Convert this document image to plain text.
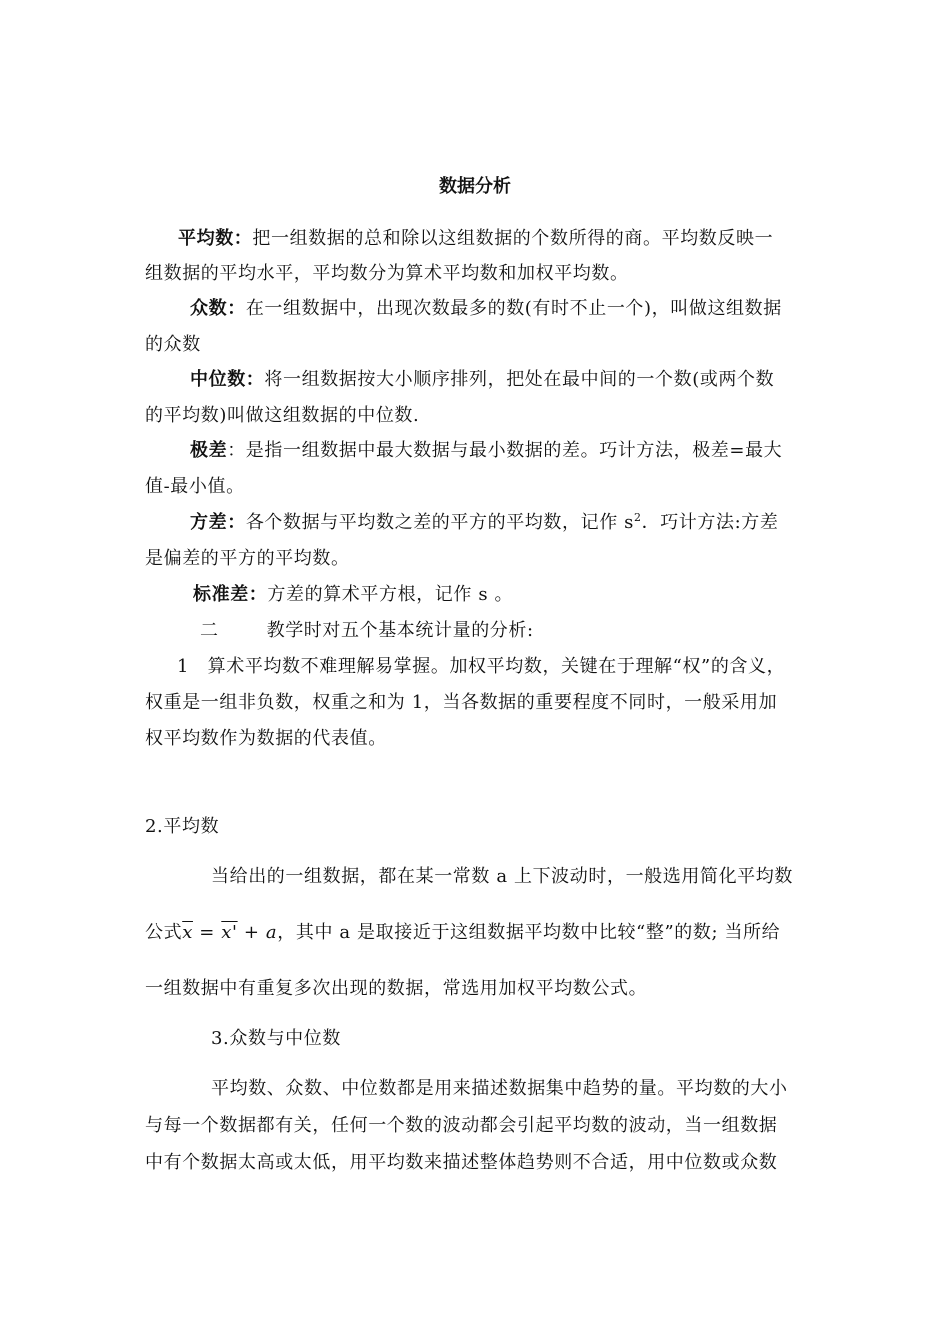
数据分析
平均数：把一组数据的总和除以这组数据的个数所得的商。平均数反映一
组数据的平均水平，平均数分为算术平均数和加权平均数。
众数：在一组数据中，出现次数最多的数(有时不止一个)，叫做这组数据
的众数
中位数：将一组数据按大小顺序排列，把处在最中间的一个数(或两个数
的平均数)叫做这组数据的中位数.
极差：是指一组数据中最大数据与最小数据的差。巧计方法，极差=最大
值-最小值。
方差：各个数据与平均数之差的平方的平均数，记作 $s^2$．巧计方法:方差
是偏差的平方的平均数。
标准差：方差的算术平方根，记作 s 。
二	教学时对五个基本统计量的分析:
1　算术平均数不难理解易掌握。加权平均数，关键在于理解“权”的含义，
权重是一组非负数，权重之和为 1，当各数据的重要程度不同时，一般采用加
权平均数作为数据的代表值。
2.平均数
当给出的一组数据，都在某一常数 a 上下波动时，一般选用简化平均数
公式$\overline{x} = x' + a$，其中 a 是取接近于这组数据平均数中比较“整”的数; 当所给
一组数据中有重复多次出现的数据，常选用加权平均数公式。
3.众数与中位数
平均数、众数、中位数都是用来描述数据集中趋势的量。平均数的大小
与每一个数据都有关，任何一个数的波动都会引起平均数的波动，当一组数据
中有个数据太高或太低，用平均数来描述整体趋势则不合适，用中位数或众数
